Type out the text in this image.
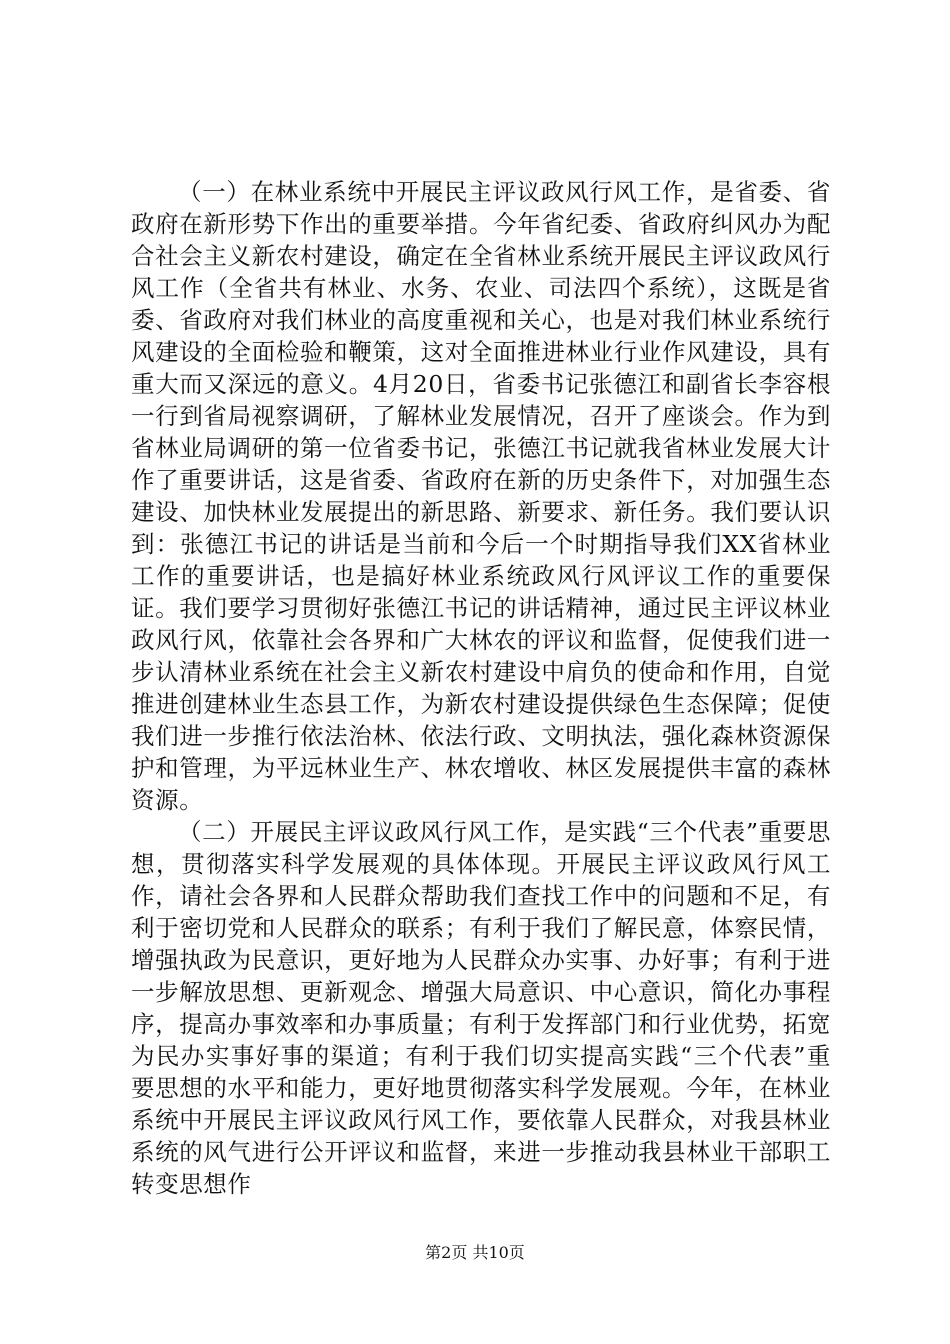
（一）在林业系统中开展民主评议政风行风工作，是省委、省政府在新形势下作出的重要举措。今年省纪委、省政府纠风办为配合社会主义新农村建设，确定在全省林业系统开展民主评议政风行风工作（全省共有林业、水务、农业、司法四个系统），这既是省委、省政府对我们林业的高度重视和关心，也是对我们林业系统行风建设的全面检验和鞭策，这对全面推进林业行业作风建设，具有重大而又深远的意义。4月20日，省委书记张德江和副省长李容根一行到省局视察调研，了解林业发展情况，召开了座谈会。作为到省林业局调研的第一位省委书记，张德江书记就我省林业发展大计作了重要讲话，这是省委、省政府在新的历史条件下，对加强生态建设、加快林业发展提出的新思路、新要求、新任务。我们要认识到：张德江书记的讲话是当前和今后一个时期指导我们XX省林业工作的重要讲话，也是搞好林业系统政风行风评议工作的重要保证。我们要学习贯彻好张德江书记的讲话精神，通过民主评议林业政风行风，依靠社会各界和广大林农的评议和监督，促使我们进一步认清林业系统在社会主义新农村建设中肩负的使命和作用，自觉推进创建林业生态县工作，为新农村建设提供绿色生态保障；促使我们进一步推行依法治林、依法行政、文明执法，强化森林资源保护和管理，为平远林业生产、林农增收、林区发展提供丰富的森林资源。

（二）开展民主评议政风行风工作，是实践“三个代表”重要思想，贯彻落实科学发展观的具体体现。开展民主评议政风行风工作，请社会各界和人民群众帮助我们查找工作中的问题和不足，有利于密切党和人民群众的联系；有利于我们了解民意，体察民情，增强执政为民意识，更好地为人民群众办实事、办好事；有利于进一步解放思想、更新观念、增强大局意识、中心意识，简化办事程序，提高办事效率和办事质量；有利于发挥部门和行业优势，拓宽为民办实事好事的渠道；有利于我们切实提高实践“三个代表”重要思想的水平和能力，更好地贯彻落实科学发展观。今年，在林业系统中开展民主评议政风行风工作，要依靠人民群众，对我县林业系统的风气进行公开评议和监督，来进一步推动我县林业干部职工转变思想作

第2页 共10页
